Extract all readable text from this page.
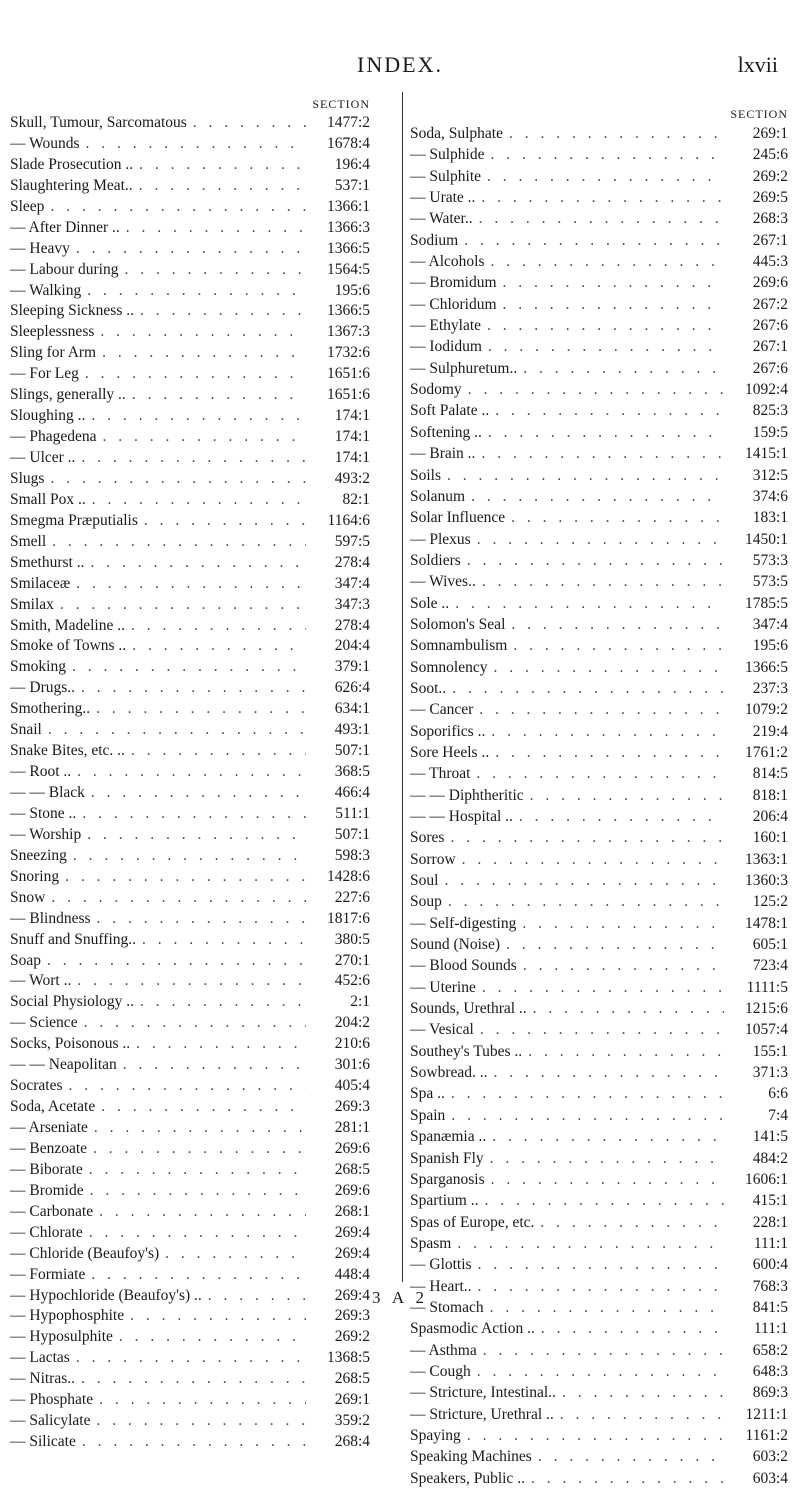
INDEX.	lxvii
SECTION
Skull, Tumour, Sarcomatous . . .	1477:2
— Wounds . . .	1678:4
Slade Prosecution .. . . .	196:4
Slaughtering Meat.. . . .	537:1
Sleep . . .	1366:1
— After Dinner .. . . .	1366:3
— Heavy . . .	1366:5
— Labour during . . .	1564:5
— Walking . . .	195:6
Sleeping Sickness .. . . .	1366:5
Sleeplessness . . .	1367:3
Sling for Arm . . .	1732:6
— For Leg . . .	1651:6
Slings, generally .. . . .	1651:6
Sloughing .. . . .	174:1
— Phagedena . . .	174:1
— Ulcer .. . . .	174:1
Slugs . . .	493:2
Small Pox .. . . .	82:1
Smegma Præputialis . . .	1164:6
Smell . . .	597:5
Smethurst .. . . .	278:4
Smilaceæ . . .	347:4
Smilax . . .	347:3
Smith, Madeline .. . . .	278:4
Smoke of Towns .. . . .	204:4
Smoking . . .	379:1
— Drugs.. . . .	626:4
Smothering.. . . .	634:1
Snail . . .	493:1
Snake Bites, etc. .. . . .	507:1
— Root .. . . .	368:5
— — Black . . .	466:4
— Stone .. . . .	511:1
— Worship . . .	507:1
Sneezing . . .	598:3
Snoring . . .	1428:6
Snow . . .	227:6
— Blindness . . .	1817:6
Snuff and Snuffing.. . . .	380:5
Soap . . .	270:1
— Wort .. . . .	452:6
Social Physiology .. . . .	2:1
— Science . . .	204:2
Socks, Poisonous .. . . .	210:6
— — Neapolitan . . .	301:6
Socrates . . .	405:4
Soda, Acetate . . .	269:3
— Arseniate . . .	281:1
— Benzoate . . .	269:6
— Biborate . . .	268:5
— Bromide . . .	269:6
— Carbonate . . .	268:1
— Chlorate . . .	269:4
— Chloride (Beaufoy's) . . .	269:4
— Formiate . . .	448:4
— Hypochloride (Beaufoy's) .. . . .	269:4
— Hypophosphite . . .	269:3
— Hyposulphite . . .	269:2
— Lactas . . .	1368:5
— Nitras.. . . .	268:5
— Phosphate . . .	269:1
— Salicylate . . .	359:2
— Silicate . . .	268:4
SECTION
Soda, Sulphate . . .	269:1
— Sulphide . . .	245:6
— Sulphite . . .	269:2
— Urate .. . . .	269:5
— Water.. . . .	268:3
Sodium . . .	267:1
— Alcohols . . .	445:3
— Bromidum . . .	269:6
— Chloridum . . .	267:2
— Ethylate . . .	267:6
— Iodidum . . .	267:1
— Sulphuretum.. . . .	267:6
Sodomy . . .	1092:4
Soft Palate .. . . .	825:3
Softening .. . . .	159:5
— Brain .. . . .	1415:1
Soils . . .	312:5
Solanum . . .	374:6
Solar Influence . . .	183:1
— Plexus . . .	1450:1
Soldiers . . .	573:3
— Wives.. . . .	573:5
Sole .. . . .	1785:5
Solomon's Seal . . .	347:4
Somnambulism . . .	195:6
Somnolency . . .	1366:5
Soot.. . . .	237:3
— Cancer . . .	1079:2
Soporifics .. . . .	219:4
Sore Heels .. . . .	1761:2
— Throat . . .	814:5
— — Diphtheritic . . .	818:1
— — Hospital .. . . .	206:4
Sores . . .	160:1
Sorrow . . .	1363:1
Soul . . .	1360:3
Soup . . .	125:2
— Self-digesting . . .	1478:1
Sound (Noise) . . .	605:1
— Blood Sounds . . .	723:4
— Uterine . . .	1111:5
Sounds, Urethral .. . . .	1215:6
— Vesical . . .	1057:4
Southey's Tubes .. . . .	155:1
Sowbread. .. . . .	371:3
Spa .. . . .	6:6
Spain . . .	7:4
Spanæmia .. . . .	141:5
Spanish Fly . . .	484:2
Sparganosis . . .	1606:1
Spartium .. . . .	415:1
Spas of Europe, etc. . . .	228:1
Spasm . . .	111:1
— Glottis . . .	600:4
— Heart.. . . .	768:3
— Stomach . . .	841:5
Spasmodic Action .. . . .	111:1
— Asthma . . .	658:2
— Cough . . .	648:3
— Stricture, Intestinal.. . . .	869:3
— Stricture, Urethral .. . . .	1211:1
Spaying . . .	1161:2
Speaking Machines . . .	603:2
Speakers, Public .. . . .	603:4
3 A 2
